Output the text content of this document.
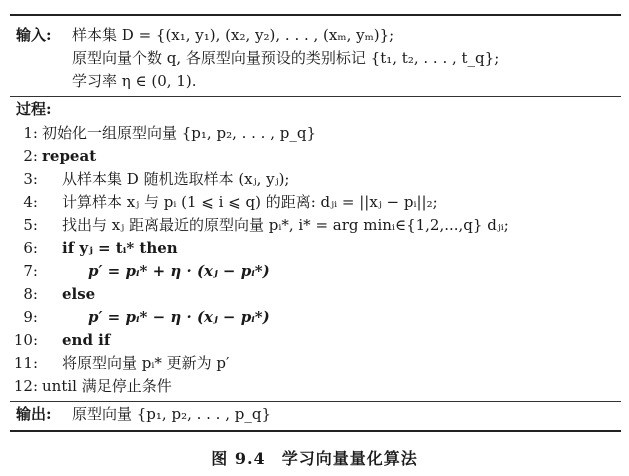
输入: 样本集 D = {(x₁, y₁), (x₂, y₂), . . . , (xₘ, yₘ)};
原型向量个数 q, 各原型向量预设的类别标记 {t₁, t₂, . . . , t_q};
学习率 η ∈ (0, 1).
过程:
1: 初始化一组原型向量 {p₁, p₂, . . . , p_q}
2: repeat
3: 从样本集 D 随机选取样本 (xⱼ, yⱼ);
4: 计算样本 xⱼ 与 pᵢ (1 ⩽ i ⩽ q) 的距离: dⱼᵢ = ||xⱼ − pᵢ||₂;
5: 找出与 xⱼ 距离最近的原型向量 pᵢ*, i* = arg minᵢ∈{1,2,...,q} dⱼᵢ;
6: if yⱼ = tᵢ* then
7:	p′ = pᵢ* + η · (xⱼ − pᵢ*)
8: else
9:	p′ = pᵢ* − η · (xⱼ − pᵢ*)
10: end if
11: 将原型向量 pᵢ* 更新为 p′
12: until 满足停止条件
输出: 原型向量 {p₁, p₂, . . . , p_q}
图 9.4 学习向量量化算法
